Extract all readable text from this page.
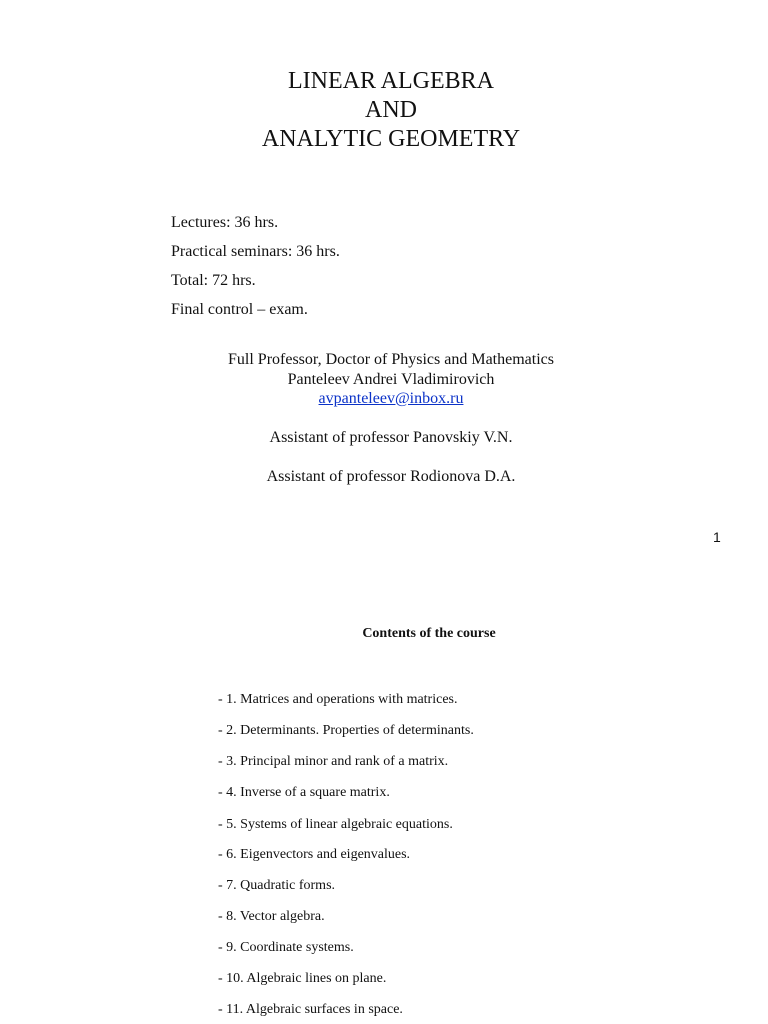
LINEAR ALGEBRA
AND
ANALYTIC GEOMETRY
Lectures: 36 hrs.
Practical seminars: 36 hrs.
Total: 72 hrs.
Final control – exam.
Full Professor, Doctor of Physics and Mathematics
Panteleev Andrei Vladimirovich
avpanteleev@inbox.ru
Assistant of professor Panovskiy V.N.
Assistant of professor Rodionova D.A.
1
Contents of the course
- 1. Matrices and operations with matrices.
- 2. Determinants. Properties of determinants.
- 3. Principal minor and rank of a matrix.
- 4. Inverse of a square matrix.
- 5. Systems of linear algebraic equations.
- 6. Eigenvectors and eigenvalues.
- 7. Quadratic forms.
- 8. Vector algebra.
- 9. Coordinate systems.
- 10. Algebraic lines on plane.
- 11. Algebraic surfaces in space.
